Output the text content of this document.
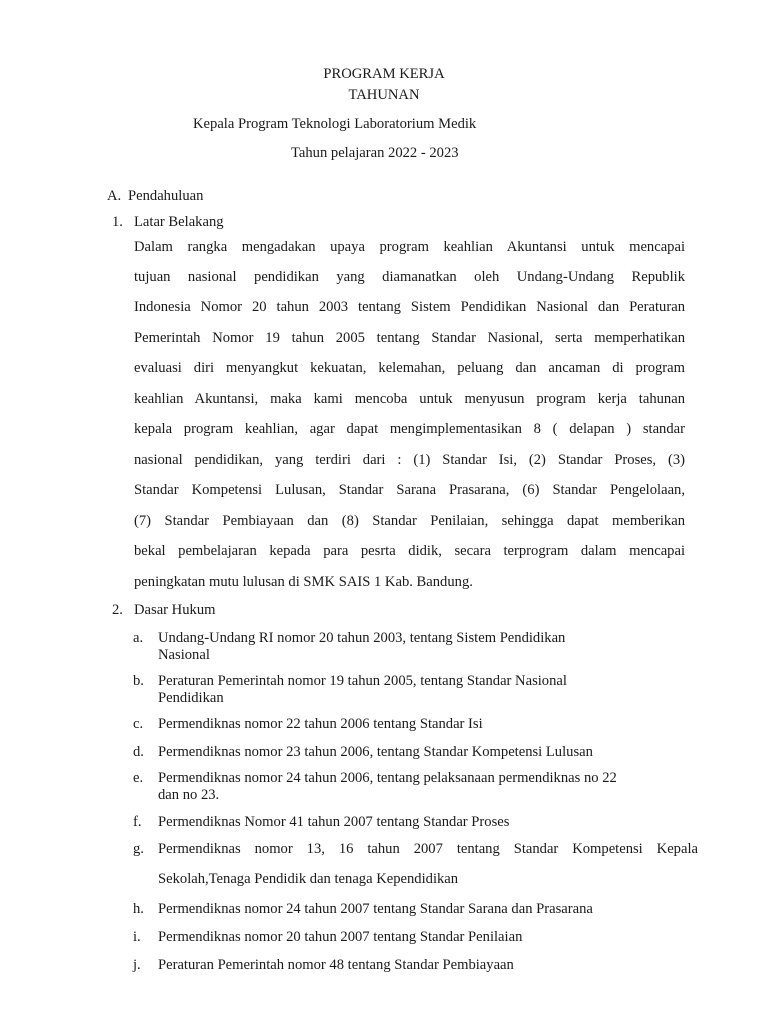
PROGRAM KERJA
TAHUNAN
Kepala Program Teknologi Laboratorium Medik
Tahun pelajaran 2022 - 2023
A. Pendahuluan
1. Latar Belakang
Dalam rangka mengadakan upaya program keahlian Akuntansi untuk mencapai
tujuan nasional pendidikan yang diamanatkan oleh Undang-Undang Republik
Indonesia Nomor 20 tahun 2003 tentang Sistem Pendidikan Nasional dan Peraturan
Pemerintah Nomor 19 tahun 2005 tentang Standar Nasional, serta memperhatikan
evaluasi diri menyangkut kekuatan, kelemahan, peluang dan ancaman di program
keahlian Akuntansi, maka kami mencoba untuk menyusun program kerja tahunan
kepala program keahlian, agar dapat mengimplementasikan 8 ( delapan ) standar
nasional pendidikan, yang terdiri dari : (1) Standar Isi, (2) Standar Proses, (3)
Standar Kompetensi Lulusan, Standar Sarana Prasarana, (6) Standar Pengelolaan,
(7) Standar Pembiayaan dan (8) Standar Penilaian, sehingga dapat memberikan
bekal pembelajaran kepada para pesrta didik, secara terprogram dalam mencapai
peningkatan mutu lulusan di SMK SAIS 1 Kab. Bandung.
2. Dasar Hukum
a. Undang-Undang RI nomor 20 tahun 2003, tentang Sistem Pendidikan
Nasional
b. Peraturan Pemerintah nomor 19 tahun 2005, tentang Standar Nasional
Pendidikan
c. Permendiknas nomor 22 tahun 2006 tentang Standar Isi
d. Permendiknas nomor 23 tahun 2006, tentang Standar Kompetensi Lulusan
e. Permendiknas nomor 24 tahun 2006, tentang pelaksanaan permendiknas no 22
dan no 23.
f. Permendiknas Nomor 41 tahun 2007 tentang Standar Proses
g. Permendiknas nomor 13, 16 tahun 2007 tentang Standar Kompetensi Kepala
Sekolah,Tenaga Pendidik dan tenaga Kependidikan
h. Permendiknas nomor 24 tahun 2007 tentang Standar Sarana dan Prasarana
i. Permendiknas nomor 20 tahun 2007 tentang Standar Penilaian
j. Peraturan Pemerintah nomor 48 tentang Standar Pembiayaan
